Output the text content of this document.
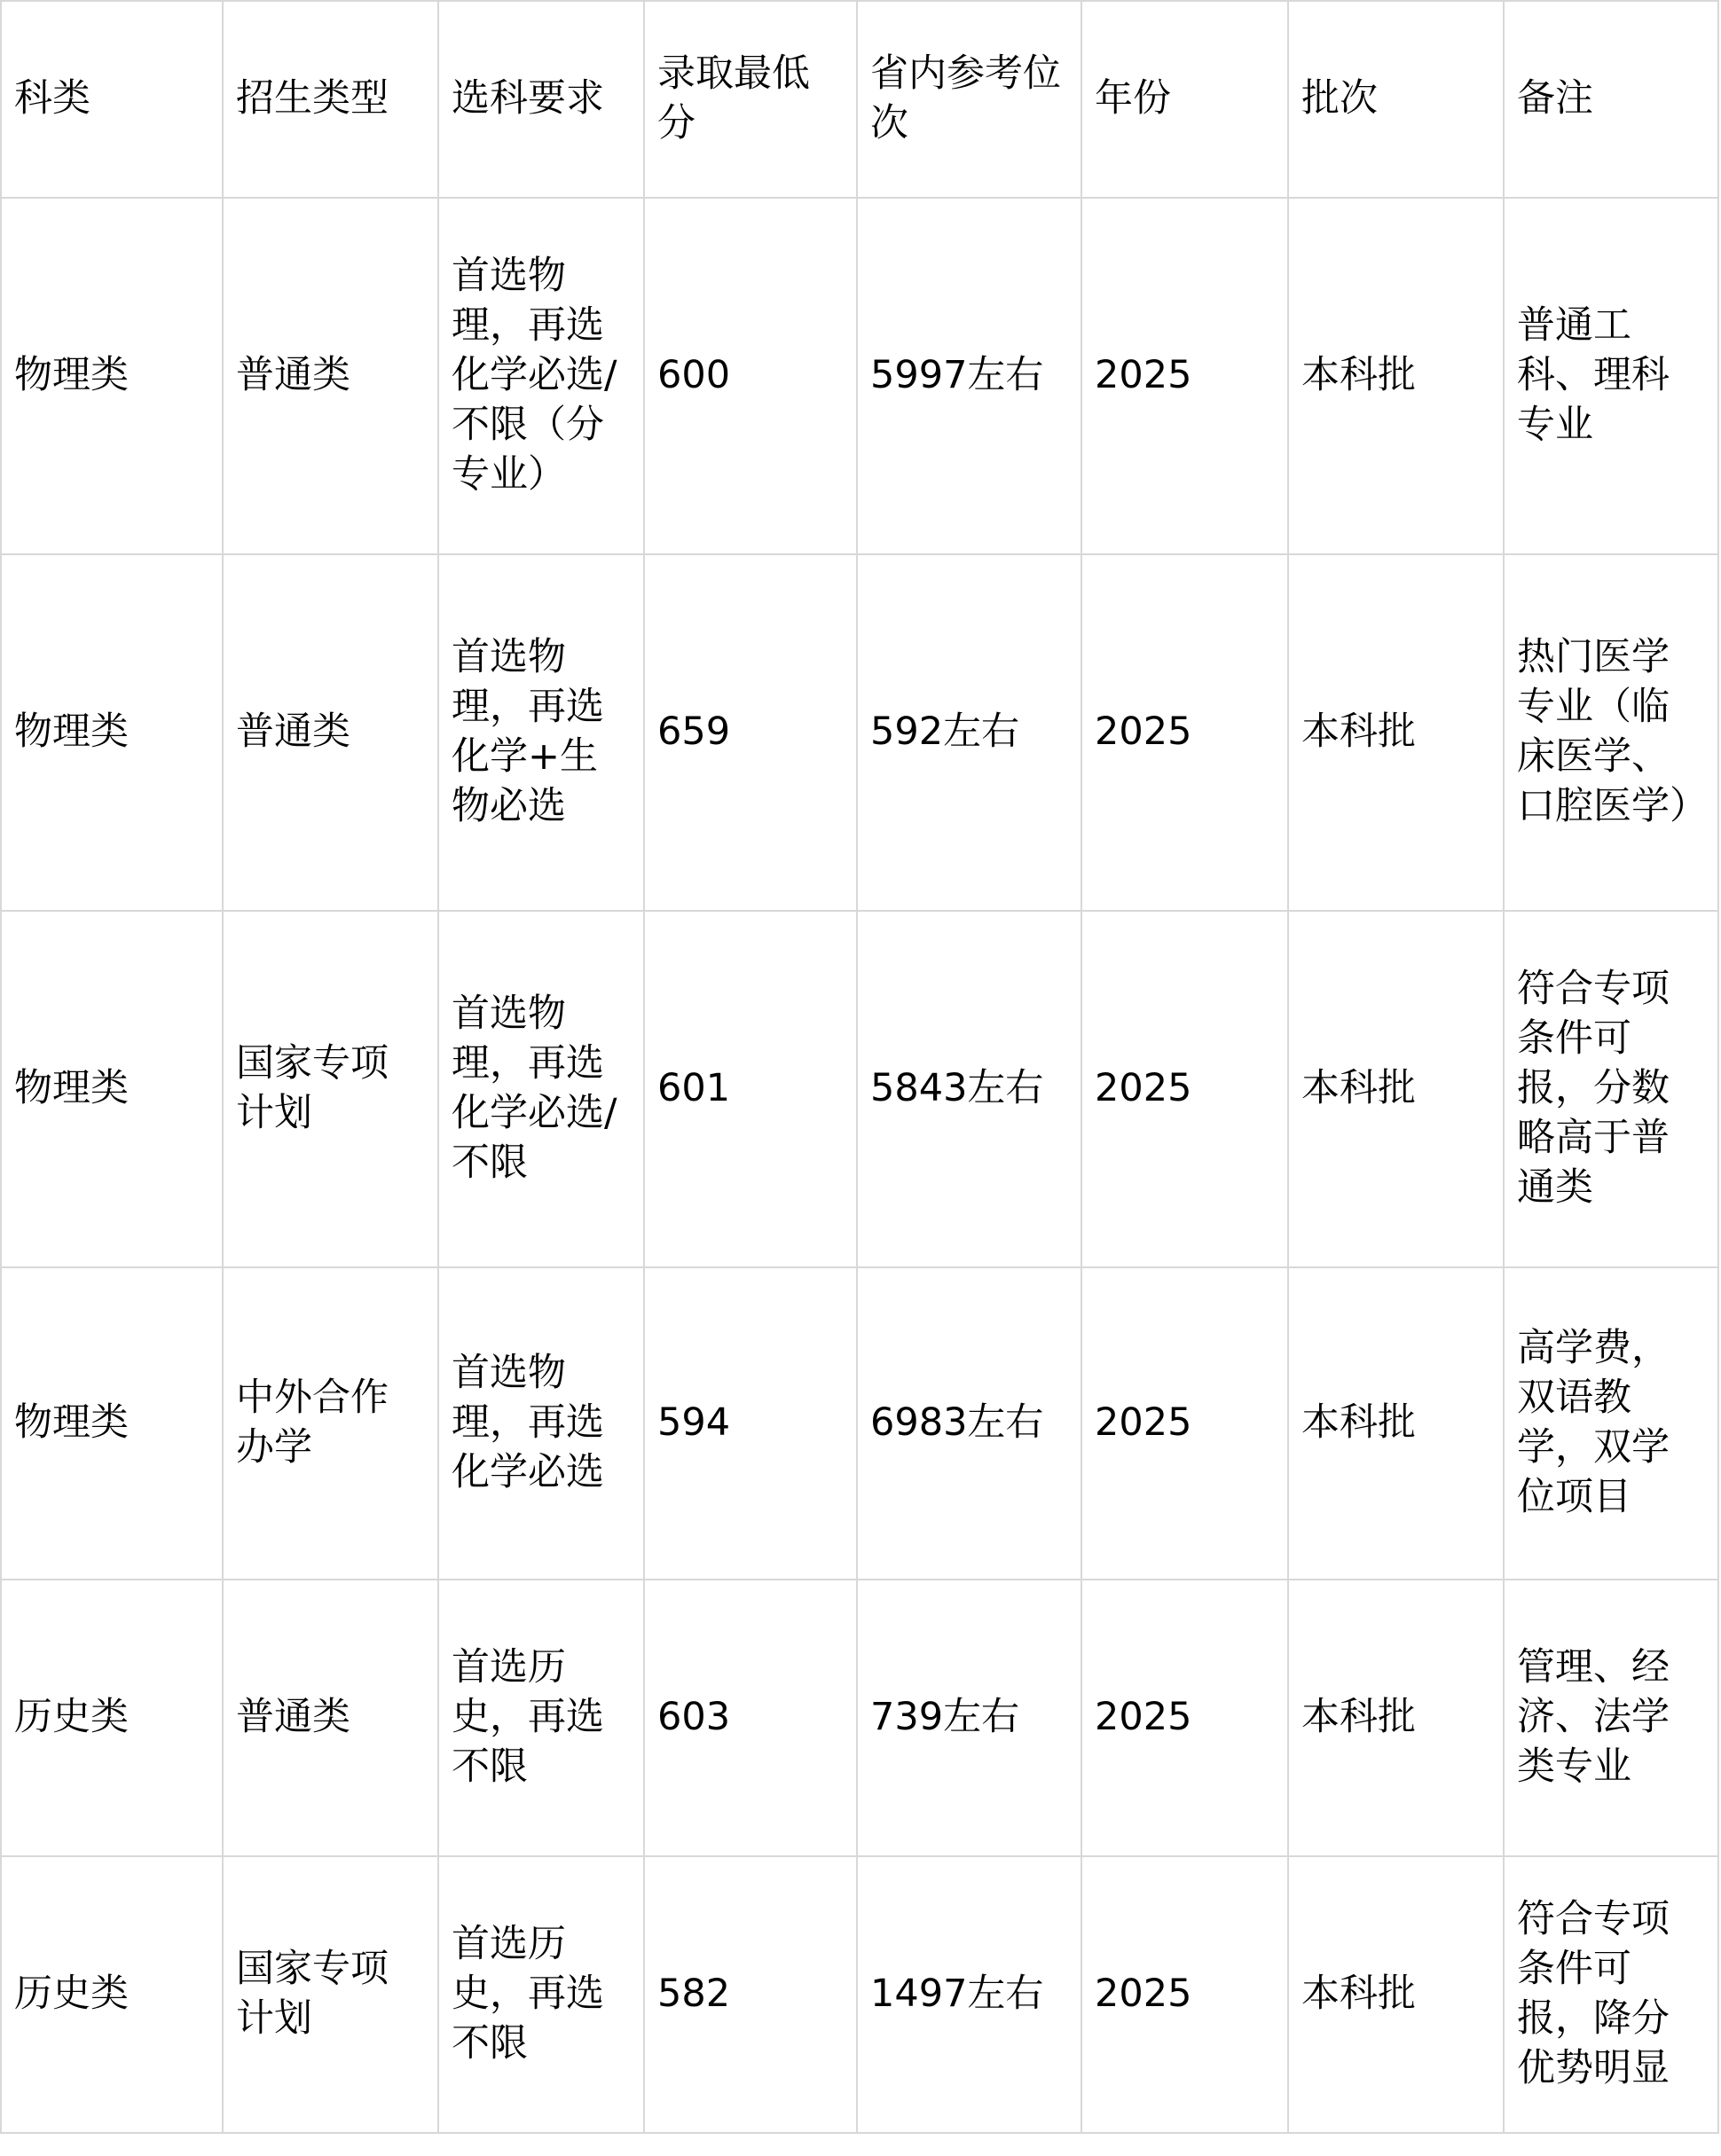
科类	招生类型	选科要求	录取最低分	省内参考位次	年份	批次	备注
物理类	普通类	首选物理，再选化学必选/不限（分专业）	600	5997左右	2025	本科批	普通工科、理科专业
物理类	普通类	首选物理，再选化学+生物必选	659	592左右	2025	本科批	热门医学专业（临床医学、口腔医学）
物理类	国家专项计划	首选物理，再选化学必选/不限	601	5843左右	2025	本科批	符合专项条件可报，分数略高于普通类
物理类	中外合作办学	首选物理，再选化学必选	594	6983左右	2025	本科批	高学费，双语教学，双学位项目
历史类	普通类	首选历史，再选不限	603	739左右	2025	本科批	管理、经济、法学类专业
历史类	国家专项计划	首选历史，再选不限	582	1497左右	2025	本科批	符合专项条件可报，降分优势明显
